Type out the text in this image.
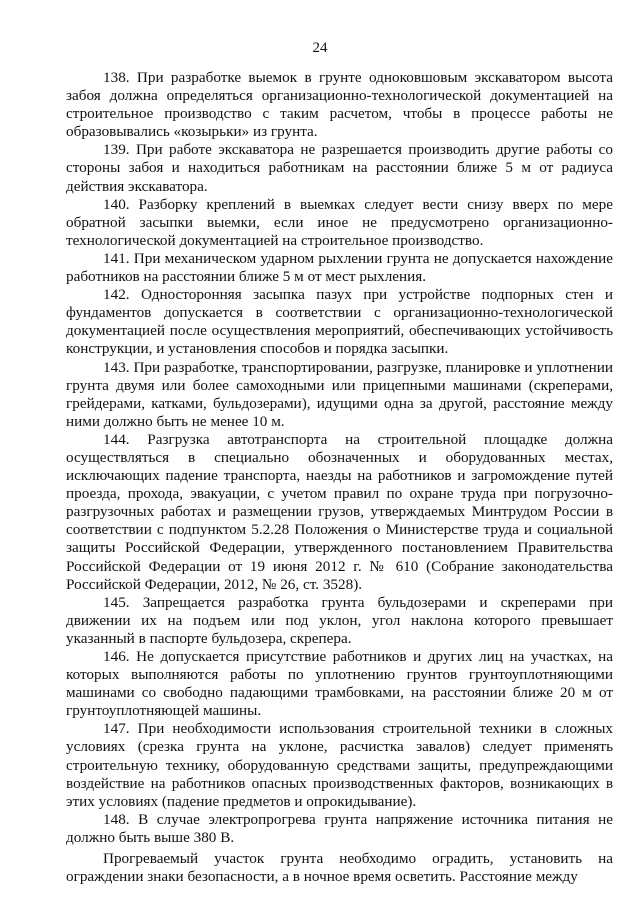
24

138. При разработке выемок в грунте одноковшовым экскаватором высота забоя должна определяться организационно-технологической документацией на строительное производство с таким расчетом, чтобы в процессе работы не образовывались «козырьки» из грунта.

139. При работе экскаватора не разрешается производить другие работы со стороны забоя и находиться работникам на расстоянии ближе 5 м от радиуса действия экскаватора.

140. Разборку креплений в выемках следует вести снизу вверх по мере обратной засыпки выемки, если иное не предусмотрено организационно-технологической документацией на строительное производство.

141. При механическом ударном рыхлении грунта не допускается нахождение работников на расстоянии ближе 5 м от мест рыхления.

142. Односторонняя засыпка пазух при устройстве подпорных стен и фундаментов допускается в соответствии с организационно-технологической документацией после осуществления мероприятий, обеспечивающих устойчивость конструкции, и установления способов и порядка засыпки.

143. При разработке, транспортировании, разгрузке, планировке и уплотнении грунта двумя или более самоходными или прицепными машинами (скреперами, грейдерами, катками, бульдозерами), идущими одна за другой, расстояние между ними должно быть не менее 10 м.

144. Разгрузка автотранспорта на строительной площадке должна осуществляться в специально обозначенных и оборудованных местах, исключающих падение транспорта, наезды на работников и загромождение путей проезда, прохода, эвакуации, с учетом правил по охране труда при погрузочно-разгрузочных работах и размещении грузов, утверждаемых Минтрудом России в соответствии с подпунктом 5.2.28 Положения о Министерстве труда и социальной защиты Российской Федерации, утвержденного постановлением Правительства Российской Федерации от 19 июня 2012 г. № 610 (Собрание законодательства Российской Федерации, 2012, № 26, ст. 3528).

145. Запрещается разработка грунта бульдозерами и скреперами при движении их на подъем или под уклон, угол наклона которого превышает указанный в паспорте бульдозера, скрепера.

146. Не допускается присутствие работников и других лиц на участках, на которых выполняются работы по уплотнению грунтов грунтоуплотняющими машинами со свободно падающими трамбовками, на расстоянии ближе 20 м от грунтоуплотняющей машины.

147. При необходимости использования строительной техники в сложных условиях (срезка грунта на уклоне, расчистка завалов) следует применять строительную технику, оборудованную средствами защиты, предупреждающими воздействие на работников опасных производственных факторов, возникающих в этих условиях (падение предметов и опрокидывание).

148. В случае электропрогрева грунта напряжение источника питания не должно быть выше 380 В.

Прогреваемый участок грунта необходимо оградить, установить на ограждении знаки безопасности, а в ночное время осветить. Расстояние между
